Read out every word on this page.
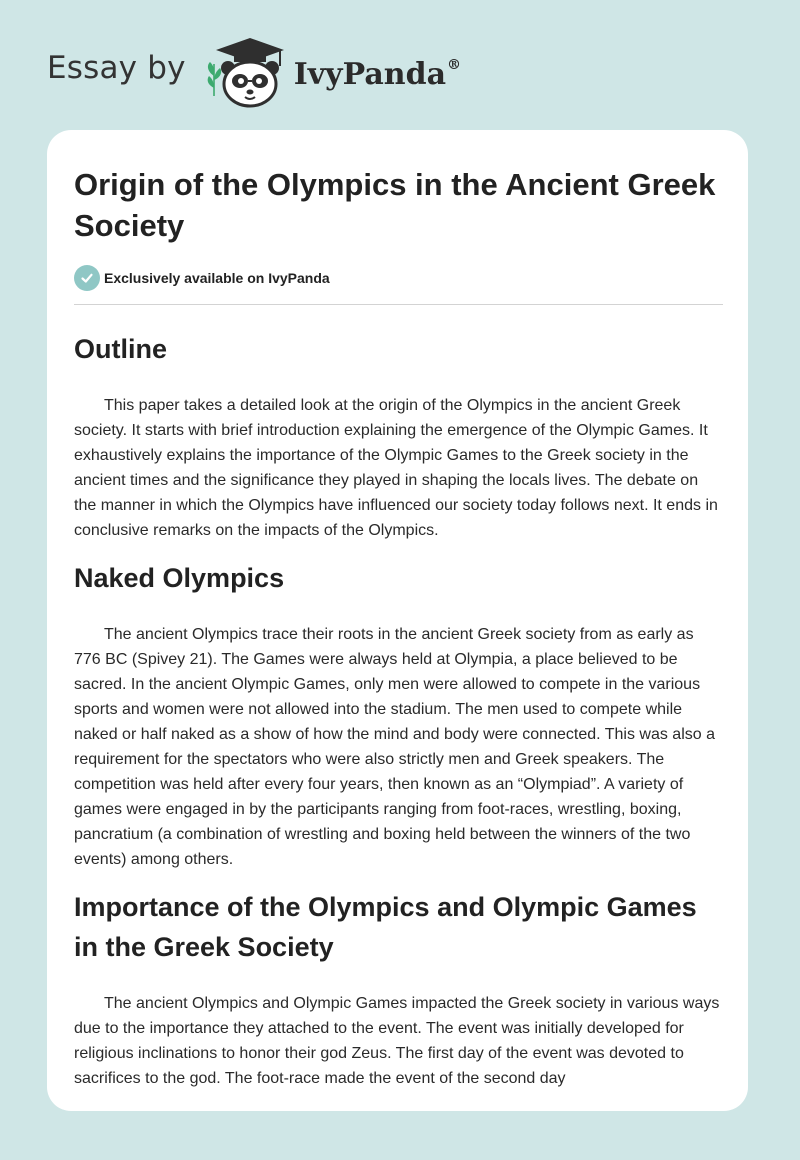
Essay by	IvyPanda®
Origin of the Olympics in the Ancient Greek Society
Exclusively available on IvyPanda
Outline

This paper takes a detailed look at the origin of the Olympics in the ancient Greek society. It starts with brief introduction explaining the emergence of the Olympic Games. It exhaustively explains the importance of the Olympic Games to the Greek society in the ancient times and the significance they played in shaping the locals lives. The debate on the manner in which the Olympics have influenced our society today follows next. It ends in conclusive remarks on the impacts of the Olympics.

Naked Olympics

The ancient Olympics trace their roots in the ancient Greek society from as early as 776 BC (Spivey 21). The Games were always held at Olympia, a place believed to be sacred. In the ancient Olympic Games, only men were allowed to compete in the various sports and women were not allowed into the stadium. The men used to compete while naked or half naked as a show of how the mind and body were connected. This was also a requirement for the spectators who were also strictly men and Greek speakers. The competition was held after every four years, then known as an “Olympiad”. A variety of games were engaged in by the participants ranging from foot-races, wrestling, boxing, pancratium (a combination of wrestling and boxing held between the winners of the two events) among others.

Importance of the Olympics and Olympic Games in the Greek Society

The ancient Olympics and Olympic Games impacted the Greek society in various ways due to the importance they attached to the event. The event was initially developed for religious inclinations to honor their god Zeus. The first day of the event was devoted to sacrifices to the god. The foot-race made the event of the second day
